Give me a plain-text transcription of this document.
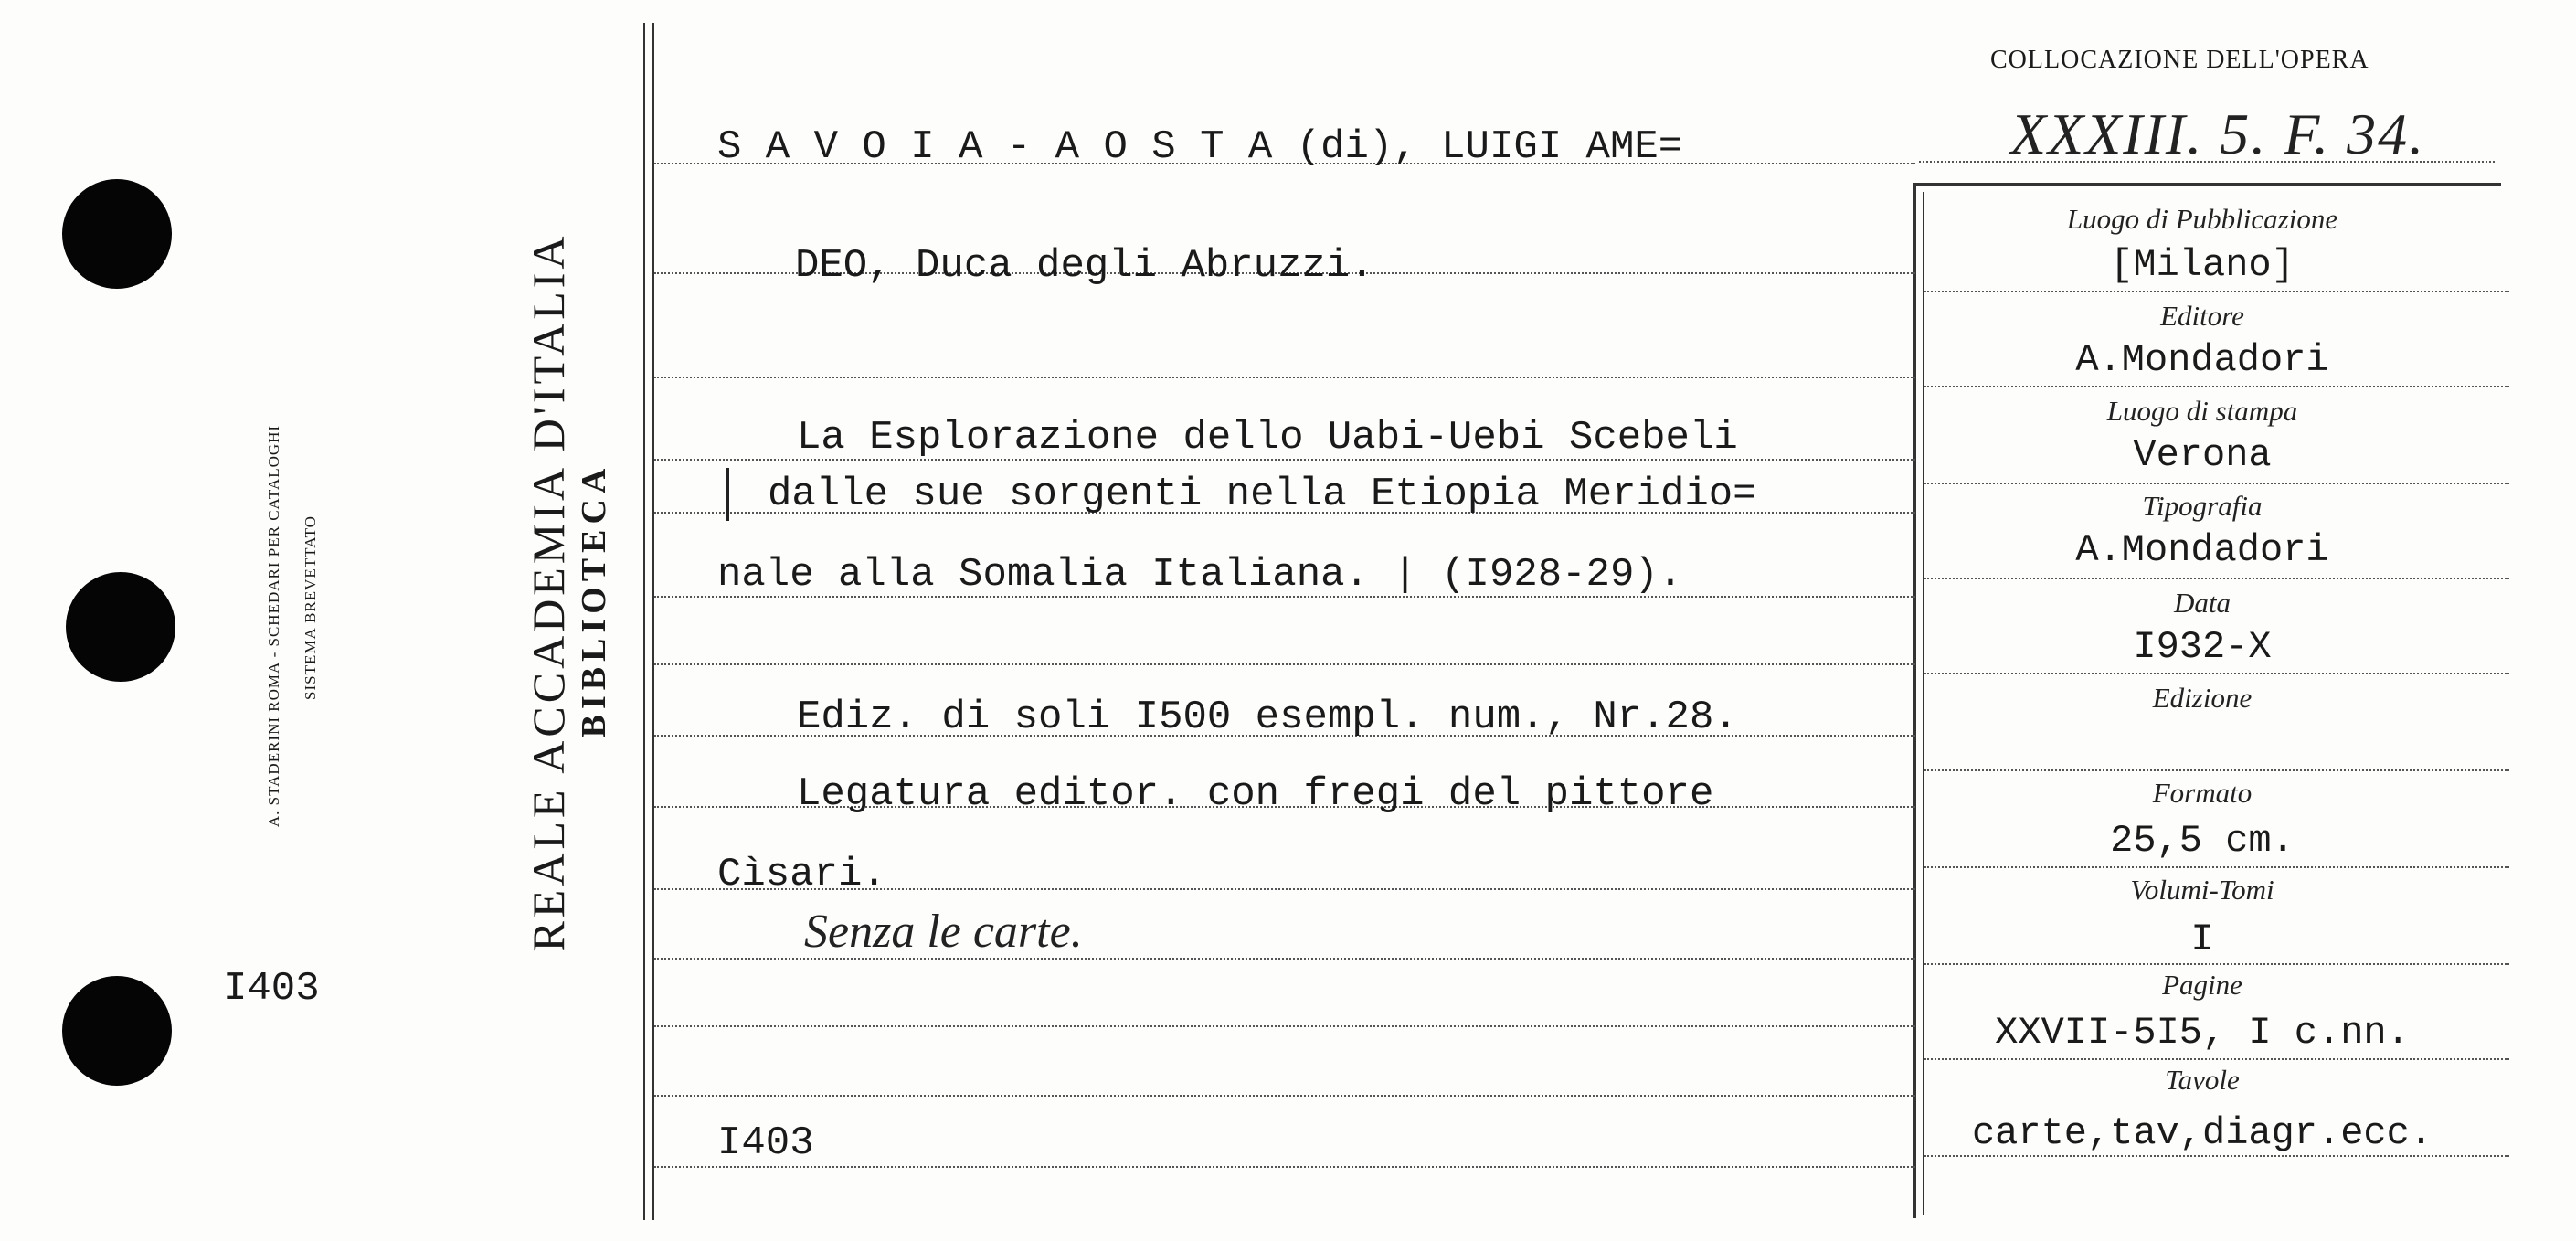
A. STADERINI ROMA - SCHEDARI PER CATALOGHI	SISTEMA BREVETTATO
I403
REALE ACCADEMIA D'ITALIA BIBLIOTECA
COLLOCAZIONE DELL'OPERA
XXXIII. 5. F. 34.
S A V O I A - A O S T A (di), LUIGI AME=
DEO, Duca degli Abruzzi.
La Esplorazione dello Uabi-Uebi Scebeli
dalle sue sorgenti nella Etiopia Meridio=
nale alla Somalia Italiana. | (I928-29).
Ediz. di soli I500 esempl. num., Nr.28.
Legatura editor. con fregi del pittore
Cìsari.
Senza le carte.
I403
Luogo di Pubblicazione
[Milano]
Editore
A.Mondadori
Luogo di stampa
Verona
Tipografia
A.Mondadori
Data
I932-X
Edizione
Formato
25,5 cm.
Volumi-Tomi
I
Pagine
XXVII-5I5, I c.nn.
Tavole
carte,tav,diagr.ecc.
